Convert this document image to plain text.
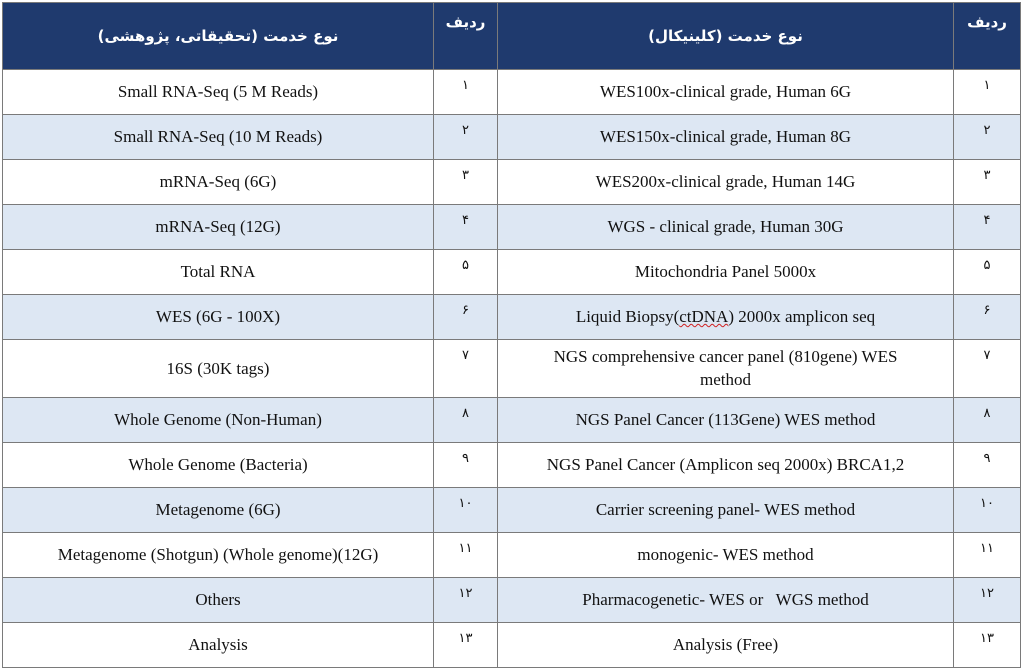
نوع خدمت (تحقیقاتی، پژوهشی)	ردیف	نوع خدمت (کلینیکال)	ردیف
Small RNA-Seq (5 M Reads)	۱	WES100x-clinical grade, Human 6G	۱
Small RNA-Seq (10 M Reads)	۲	WES150x-clinical grade, Human 8G	۲
mRNA-Seq (6G)	۳	WES200x-clinical grade, Human 14G	۳
mRNA-Seq (12G)	۴	WGS - clinical grade, Human 30G	۴
Total RNA	۵	Mitochondria Panel 5000x	۵
WES (6G - 100X)	۶	Liquid Biopsy(ctDNA) 2000x amplicon seq	۶
16S (30K tags)	۷	NGS comprehensive cancer panel (810gene) WES method	۷
Whole Genome (Non-Human)	۸	NGS Panel Cancer (113Gene) WES method	۸
Whole Genome (Bacteria)	۹	NGS Panel Cancer (Amplicon seq 2000x) BRCA1,2	۹
Metagenome (6G)	۱۰	Carrier screening panel- WES method	۱۰
Metagenome (Shotgun) (Whole genome)(12G)	۱۱	monogenic- WES method	۱۱
Others	۱۲	Pharmacogenetic- WES or   WGS method	۱۲
Analysis	۱۳	Analysis (Free)	۱۳
